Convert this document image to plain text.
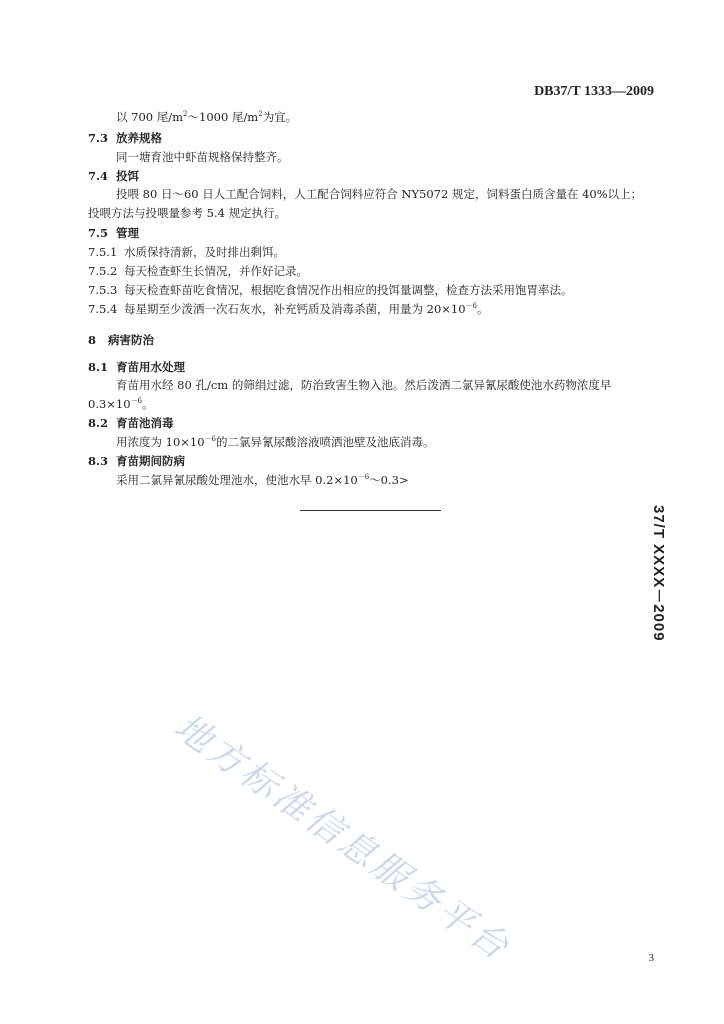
DB37/T 1333—2009
以 700 尾$/m^2\sim 1000$ 尾$/m^2$为宜。
7.3 放养规格
同一塘育池中虾苗规格保持整齐。
7.4 投饵
投喂 80 日～60 日人工配合饲料，人工配合饲料应符合 NY5072 规定，饲料蛋白质含量在 40%以上；
投喂方法与投喂量参考 5.4 规定执行。
7.5 管理
7.5.1 水质保持清新，及时排出剩饵。
7.5.2 每天检查虾生长情况，并作好记录。
7.5.3 每天检查虾苗吃食情况，根据吃食情况作出相应的投饵量调整，检查方法采用饱胃率法。
7.5.4 每星期至少泼洒一次石灰水，补充钙质及消毒杀菌，用量为 $20\times 10^{-6}$。
8 病害防治
8.1 育苗用水处理
育苗用水经 80 孔/cm 的筛绢过滤，防治致害生物入池。然后泼洒二氯异氰尿酸使池水药物浓度早
$0.3\times 10^{-6}$。
8.2 育苗池消毒
用浓度为 $10\times 10^{-6}$的二氯异氰尿酸溶液喷洒池壁及池底消毒。
8.3 育苗期间防病
采用二氯异氰尿酸处理池水，使池水早 $0.2\times 10^{-6}\sim 0.3>$
37/T XXXX－2009
地方标准信息服务平台	3
